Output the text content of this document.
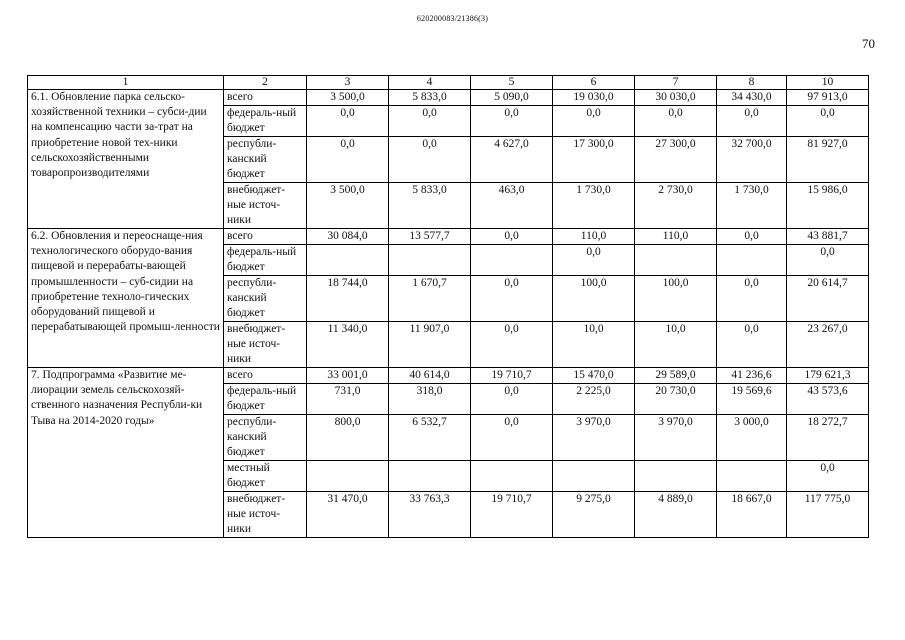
620200083/21386(3)
70
1	2	3	4	5	6	7	8	10
6.1. Обновление парка сельско-хозяйственной техники – субси-дии на компенсацию части за-трат на приобретение новой тех-ники сельскохозяйственными товаропроизводителями	всего	3 500,0	5 833,0	5 090,0	19 030,0	30 030,0	34 430,0	97 913,0
	федераль-ный бюджет	0,0	0,0	0,0	0,0	0,0	0,0	0,0
	республи-канский бюджет	0,0	0,0	4 627,0	17 300,0	27 300,0	32 700,0	81 927,0
	внебюджет-ные источ-ники	3 500,0	5 833,0	463,0	1 730,0	2 730,0	1 730,0	15 986,0
6.2. Обновления и переоснаще-ния технологического оборудо-вания пищевой и перерабаты-вающей промышленности – суб-сидии на приобретение техноло-гических оборудований пищевой и перерабатывающей промыш-ленности	всего	30 084,0	13 577,7	0,0	110,0	110,0	0,0	43 881,7
	федераль-ный бюджет				0,0			0,0
	республи-канский бюджет	18 744,0	1 670,7	0,0	100,0	100,0	0,0	20 614,7
	внебюджет-ные источ-ники	11 340,0	11 907,0	0,0	10,0	10,0	0,0	23 267,0
7. Подпрограмма «Развитие ме-лиорации земель сельскохозяй-ственного назначения Республи-ки Тыва на 2014-2020 годы»	всего	33 001,0	40 614,0	19 710,7	15 470,0	29 589,0	41 236,6	179 621,3
	федераль-ный бюджет	731,0	318,0	0,0	2 225,0	20 730,0	19 569,6	43 573,6
	республи-канский бюджет	800,0	6 532,7	0,0	3 970,0	3 970,0	3 000,0	18 272,7
	местный бюджет							0,0
	внебюджет-ные источ-ники	31 470,0	33 763,3	19 710,7	9 275,0	4 889,0	18 667,0	117 775,0
